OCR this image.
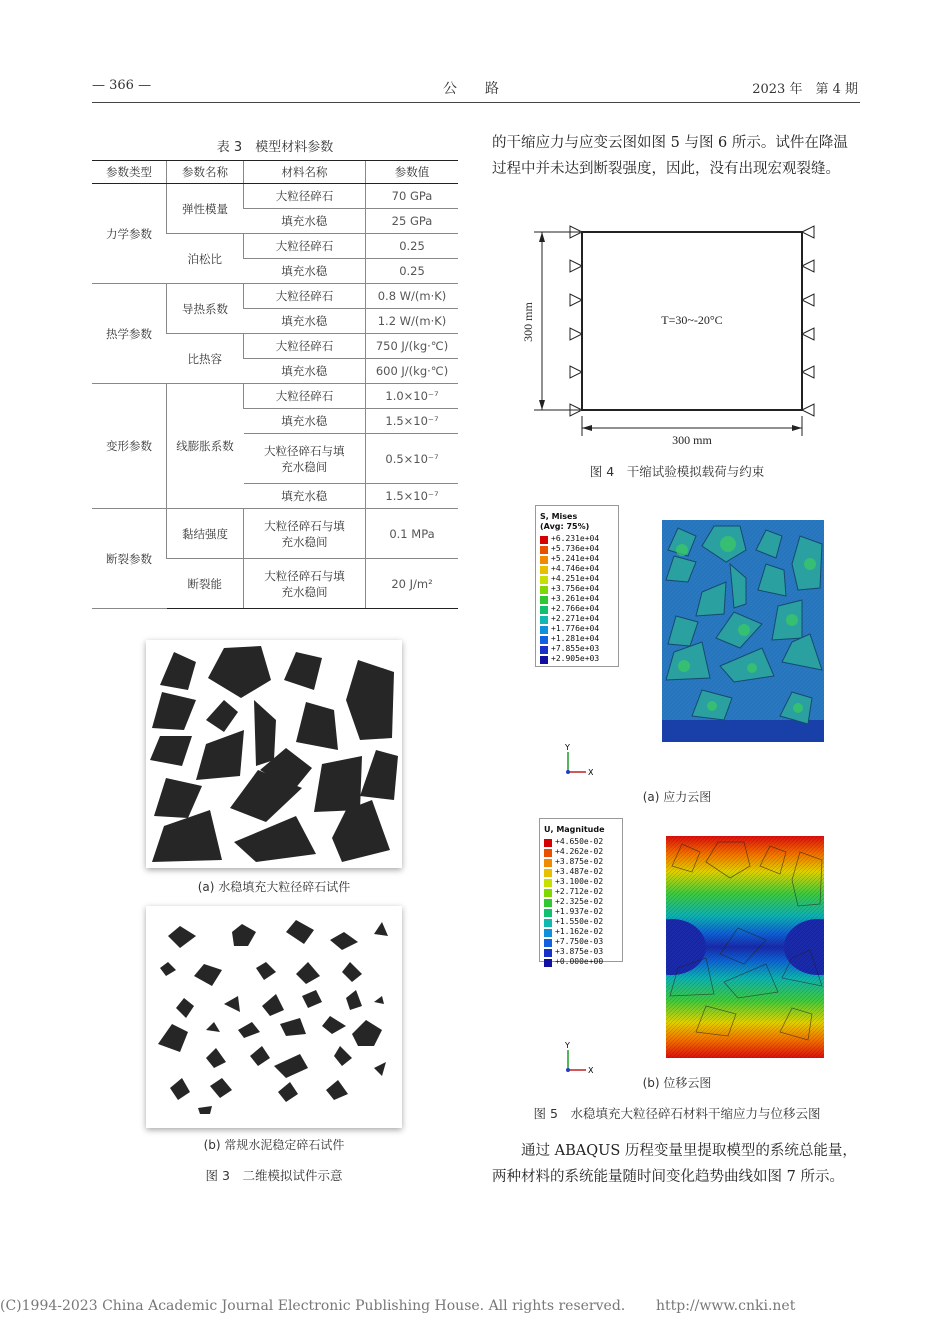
— 366 —	公　　路	2023 年　第 4 期
表 3　模型材料参数
参数类型	参数名称	材料名称	参数值
力学参数	弹性模量	大粒径碎石	70 GPa
		填充水稳	25 GPa
	泊松比	大粒径碎石	0.25
		填充水稳	0.25
热学参数	导热系数	大粒径碎石	0.8 W/(m·K)
		填充水稳	1.2 W/(m·K)
	比热容	大粒径碎石	750 J/(kg·℃)
		填充水稳	600 J/(kg·℃)
变形参数	线膨胀系数	大粒径碎石	1.0×10⁻⁷
		填充水稳	1.5×10⁻⁷
		大粒径碎石与填充水稳间	0.5×10⁻⁷
		填充水稳	1.5×10⁻⁷
断裂参数	黏结强度	大粒径碎石与填充水稳间	0.1 MPa
	断裂能	大粒径碎石与填充水稳间	20 J/m²
(a) 水稳填充大粒径碎石试件
(b) 常规水泥稳定碎石试件
图 3　二维模拟试件示意
的干缩应力与应变云图如图 5 与图 6 所示。试件在降温过程中并未达到断裂强度，因此，没有出现宏观裂缝。
300 mm
300 mm
T=30~-20°C
图 4　干缩试验模拟载荷与约束
S, Mises
(Avg: 75%)
+6.231e+04
+5.736e+04
+5.241e+04
+4.746e+04
+4.251e+04
+3.756e+04
+3.261e+04
+2.766e+04
+2.271e+04
+1.776e+04
+1.281e+04
+7.855e+03
+2.905e+03
Y
X
(a) 应力云图
U, Magnitude
+4.650e-02
+4.262e-02
+3.875e-02
+3.487e-02
+3.100e-02
+2.712e-02
+2.325e-02
+1.937e-02
+1.550e-02
+1.162e-02
+7.750e-03
+3.875e-03
+0.000e+00
Y
X
(b) 位移云图
图 5　水稳填充大粒径碎石材料干缩应力与位移云图
通过 ABAQUS 历程变量里提取模型的系统总能量，两种材料的系统能量随时间变化趋势曲线如图 7 所示。
(C)1994-2023 China Academic Journal Electronic Publishing House. All rights reserved. http://www.cnki.net
